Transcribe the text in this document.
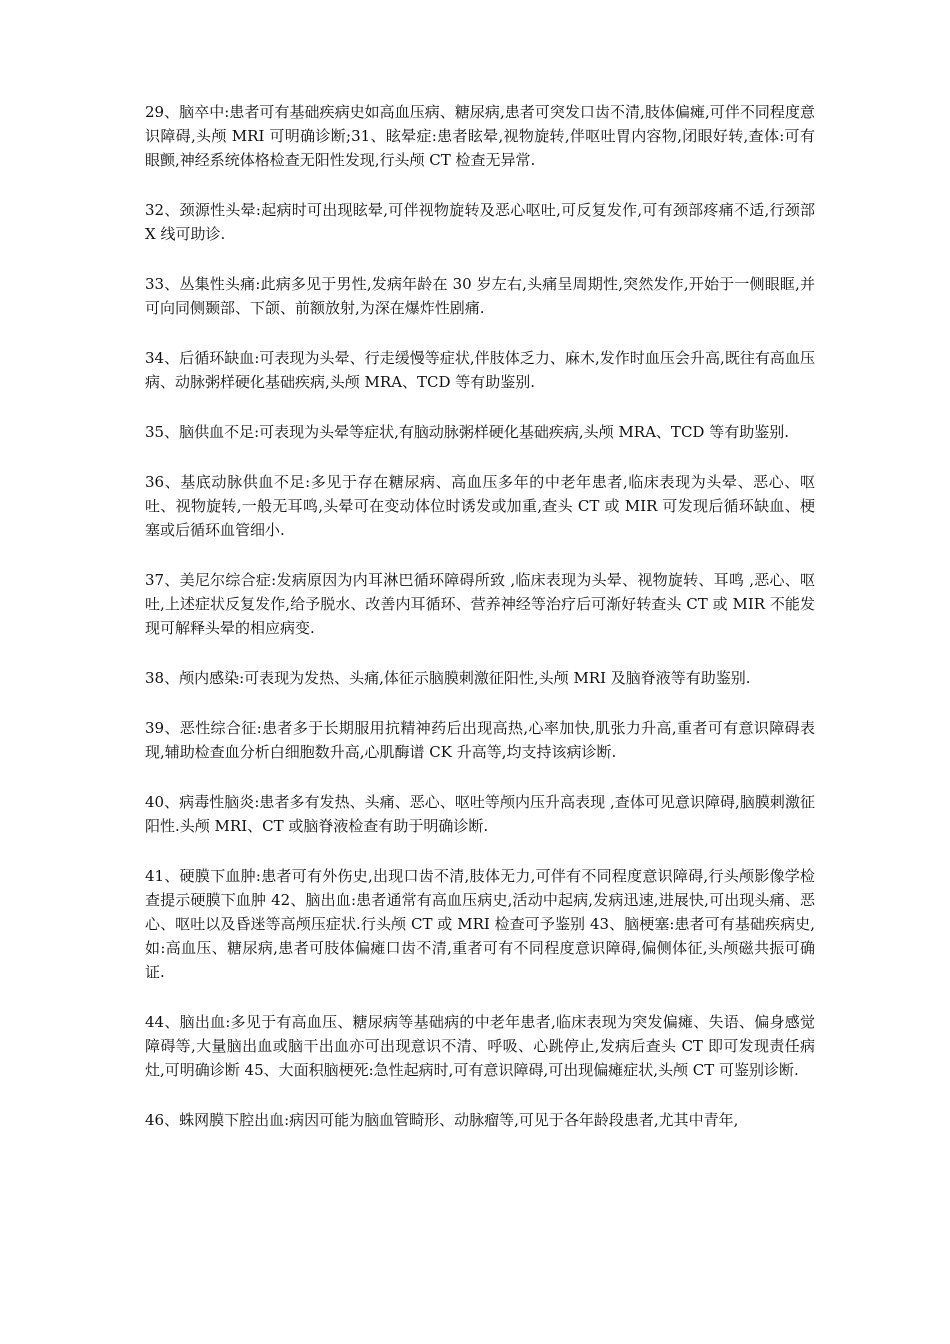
29、脑卒中:患者可有基础疾病史如高血压病、糖尿病,患者可突发口齿不清,肢体偏瘫,可伴不同程度意识障碍,头颅 MRI 可明确诊断;31、眩晕症:患者眩晕,视物旋转,伴呕吐胃内容物,闭眼好转,查体:可有眼颤,神经系统体格检查无阳性发现,行头颅 CT 检查无异常.

32、颈源性头晕:起病时可出现眩晕,可伴视物旋转及恶心呕吐,可反复发作,可有颈部疼痛不适,行颈部 X 线可助诊.

33、丛集性头痛:此病多见于男性,发病年龄在 30 岁左右,头痛呈周期性,突然发作,开始于一侧眼眶,并可向同侧颞部、下颌、前额放射,为深在爆炸性剧痛.

34、后循环缺血:可表现为头晕、行走缓慢等症状,伴肢体乏力、麻木,发作时血压会升高,既往有高血压病、动脉粥样硬化基础疾病,头颅 MRA、TCD 等有助鉴别.

35、脑供血不足:可表现为头晕等症状,有脑动脉粥样硬化基础疾病,头颅 MRA、TCD 等有助鉴别.

36、基底动脉供血不足:多见于存在糖尿病、高血压多年的中老年患者,临床表现为头晕、恶心、呕吐、视物旋转,一般无耳鸣,头晕可在变动体位时诱发或加重,查头 CT 或 MIR 可发现后循环缺血、梗塞或后循环血管细小.

37、美尼尔综合症:发病原因为内耳淋巴循环障碍所致 ,临床表现为头晕、视物旋转、耳鸣 ,恶心、呕吐,上述症状反复发作,给予脱水、改善内耳循环、营养神经等治疗后可渐好转查头 CT 或 MIR 不能发现可解释头晕的相应病变.

38、颅内感染:可表现为发热、头痛,体征示脑膜刺激征阳性,头颅 MRI 及脑脊液等有助鉴别.

39、恶性综合征:患者多于长期服用抗精神药后出现高热,心率加快,肌张力升高,重者可有意识障碍表现,辅助检查血分析白细胞数升高,心肌酶谱 CK 升高等,均支持该病诊断.

40、病毒性脑炎:患者多有发热、头痛、恶心、呕吐等颅内压升高表现 ,查体可见意识障碍,脑膜刺激征阳性.头颅 MRI、CT 或脑脊液检查有助于明确诊断.

41、硬膜下血肿:患者可有外伤史,出现口齿不清,肢体无力,可伴有不同程度意识障碍,行头颅影像学检查提示硬膜下血肿 42、脑出血:患者通常有高血压病史,活动中起病,发病迅速,进展快,可出现头痛、恶心、呕吐以及昏迷等高颅压症状.行头颅 CT 或 MRI 检查可予鉴别 43、脑梗塞:患者可有基础疾病史,如:高血压、糖尿病,患者可肢体偏瘫口齿不清,重者可有不同程度意识障碍,偏侧体征,头颅磁共振可确证.

44、脑出血:多见于有高血压、糖尿病等基础病的中老年患者,临床表现为突发偏瘫、失语、偏身感觉障碍等,大量脑出血或脑干出血亦可出现意识不清、呼吸、心跳停止,发病后查头 CT 即可发现责任病灶,可明确诊断 45、大面积脑梗死:急性起病时,可有意识障碍,可出现偏瘫症状,头颅 CT 可鉴别诊断.

46、蛛网膜下腔出血:病因可能为脑血管畸形、动脉瘤等,可见于各年龄段患者,尤其中青年,
